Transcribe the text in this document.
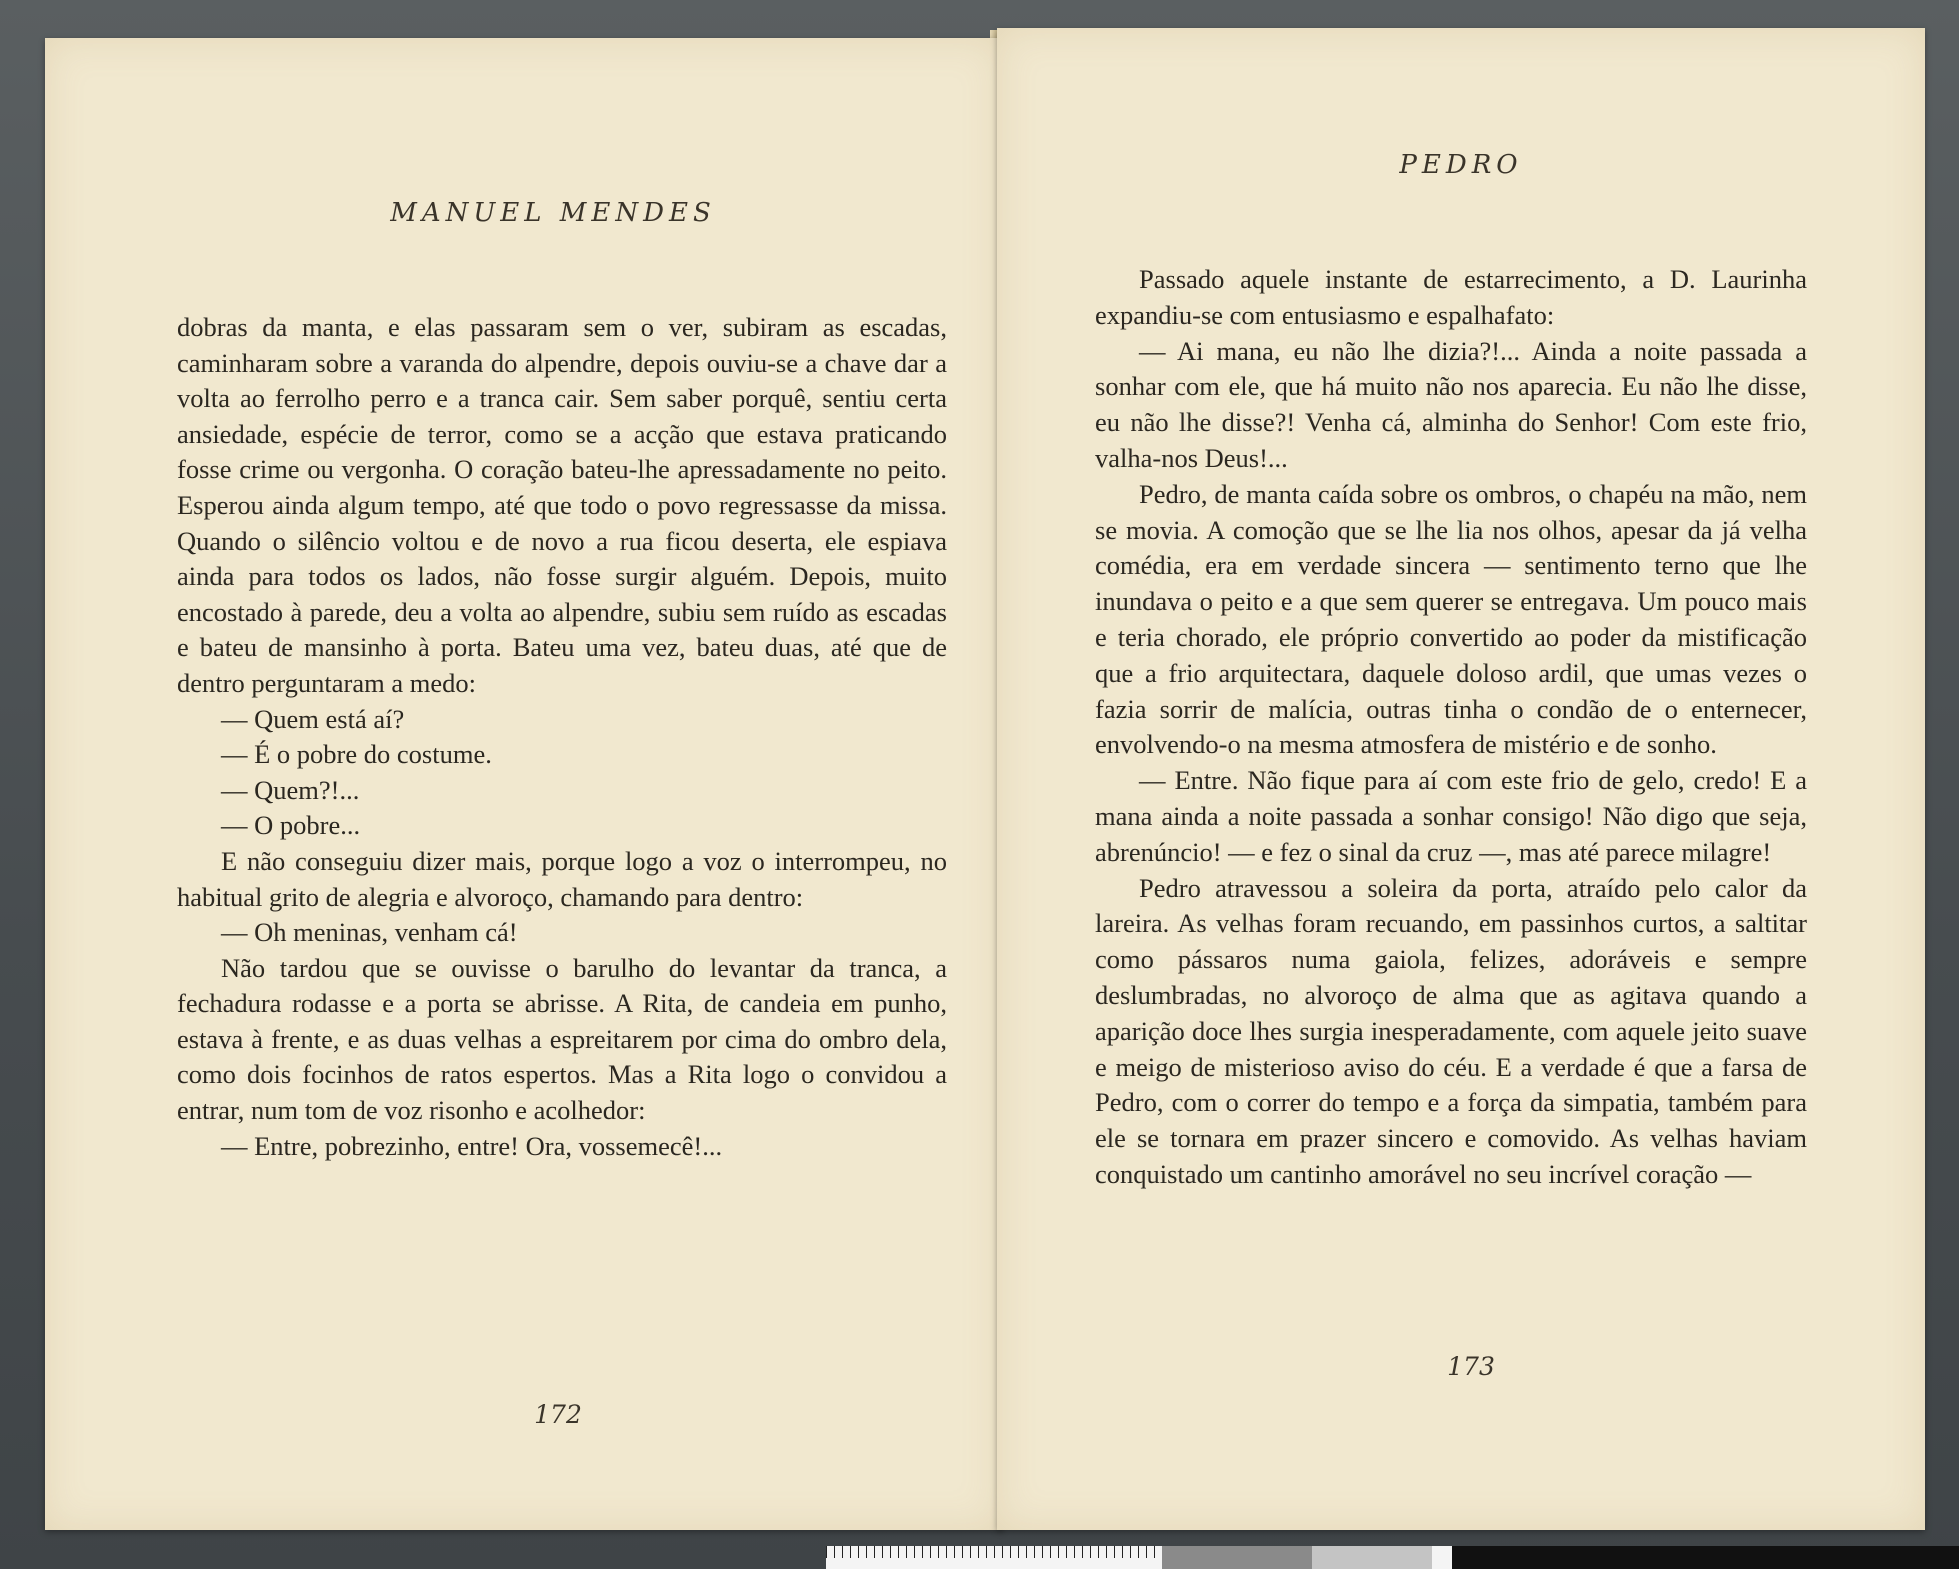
MANUEL MENDES

dobras da manta, e elas passaram sem o ver, subiram as escadas, caminharam sobre a varanda do alpendre, depois ouviu-se a chave dar a volta ao ferrolho perro e a tranca cair. Sem saber porquê, sentiu certa ansiedade, espécie de terror, como se a acção que estava praticando fosse crime ou vergonha. O coração bateu-lhe apressadamente no peito. Esperou ainda algum tempo, até que todo o povo regressasse da missa. Quando o silêncio voltou e de novo a rua ficou deserta, ele espiava ainda para todos os lados, não fosse surgir alguém. Depois, muito encostado à parede, deu a volta ao alpendre, subiu sem ruído as escadas e bateu de mansinho à porta. Bateu uma vez, bateu duas, até que de dentro perguntaram a medo:

— Quem está aí?

— É o pobre do costume.

— Quem?!...

— O pobre...

E não conseguiu dizer mais, porque logo a voz o interrompeu, no habitual grito de alegria e alvoroço, chamando para dentro:

— Oh meninas, venham cá!

Não tardou que se ouvisse o barulho do levantar da tranca, a fechadura rodasse e a porta se abrisse. A Rita, de candeia em punho, estava à frente, e as duas velhas a espreitarem por cima do ombro dela, como dois focinhos de ratos espertos. Mas a Rita logo o convidou a entrar, num tom de voz risonho e acolhedor:

— Entre, pobrezinho, entre! Ora, vossemecê!...

172
PEDRO

Passado aquele instante de estarrecimento, a D. Laurinha expandiu-se com entusiasmo e espalhafato:

— Ai mana, eu não lhe dizia?!... Ainda a noite passada a sonhar com ele, que há muito não nos aparecia. Eu não lhe disse, eu não lhe disse?! Venha cá, alminha do Senhor! Com este frio, valha-nos Deus!...

Pedro, de manta caída sobre os ombros, o chapéu na mão, nem se movia. A comoção que se lhe lia nos olhos, apesar da já velha comédia, era em verdade sincera — sentimento terno que lhe inundava o peito e a que sem querer se entregava. Um pouco mais e teria chorado, ele próprio convertido ao poder da mistificação que a frio arquitectara, daquele doloso ardil, que umas vezes o fazia sorrir de malícia, outras tinha o condão de o enternecer, envolvendo-o na mesma atmosfera de mistério e de sonho.

— Entre. Não fique para aí com este frio de gelo, credo! E a mana ainda a noite passada a sonhar consigo! Não digo que seja, abrenúncio! — e fez o sinal da cruz —, mas até parece milagre!

Pedro atravessou a soleira da porta, atraído pelo calor da lareira. As velhas foram recuando, em passinhos curtos, a saltitar como pássaros numa gaiola, felizes, adoráveis e sempre deslumbradas, no alvoroço de alma que as agitava quando a aparição doce lhes surgia inesperadamente, com aquele jeito suave e meigo de misterioso aviso do céu. E a verdade é que a farsa de Pedro, com o correr do tempo e a força da simpatia, também para ele se tornara em prazer sincero e comovido. As velhas haviam conquistado um cantinho amorável no seu incrível coração —

173
